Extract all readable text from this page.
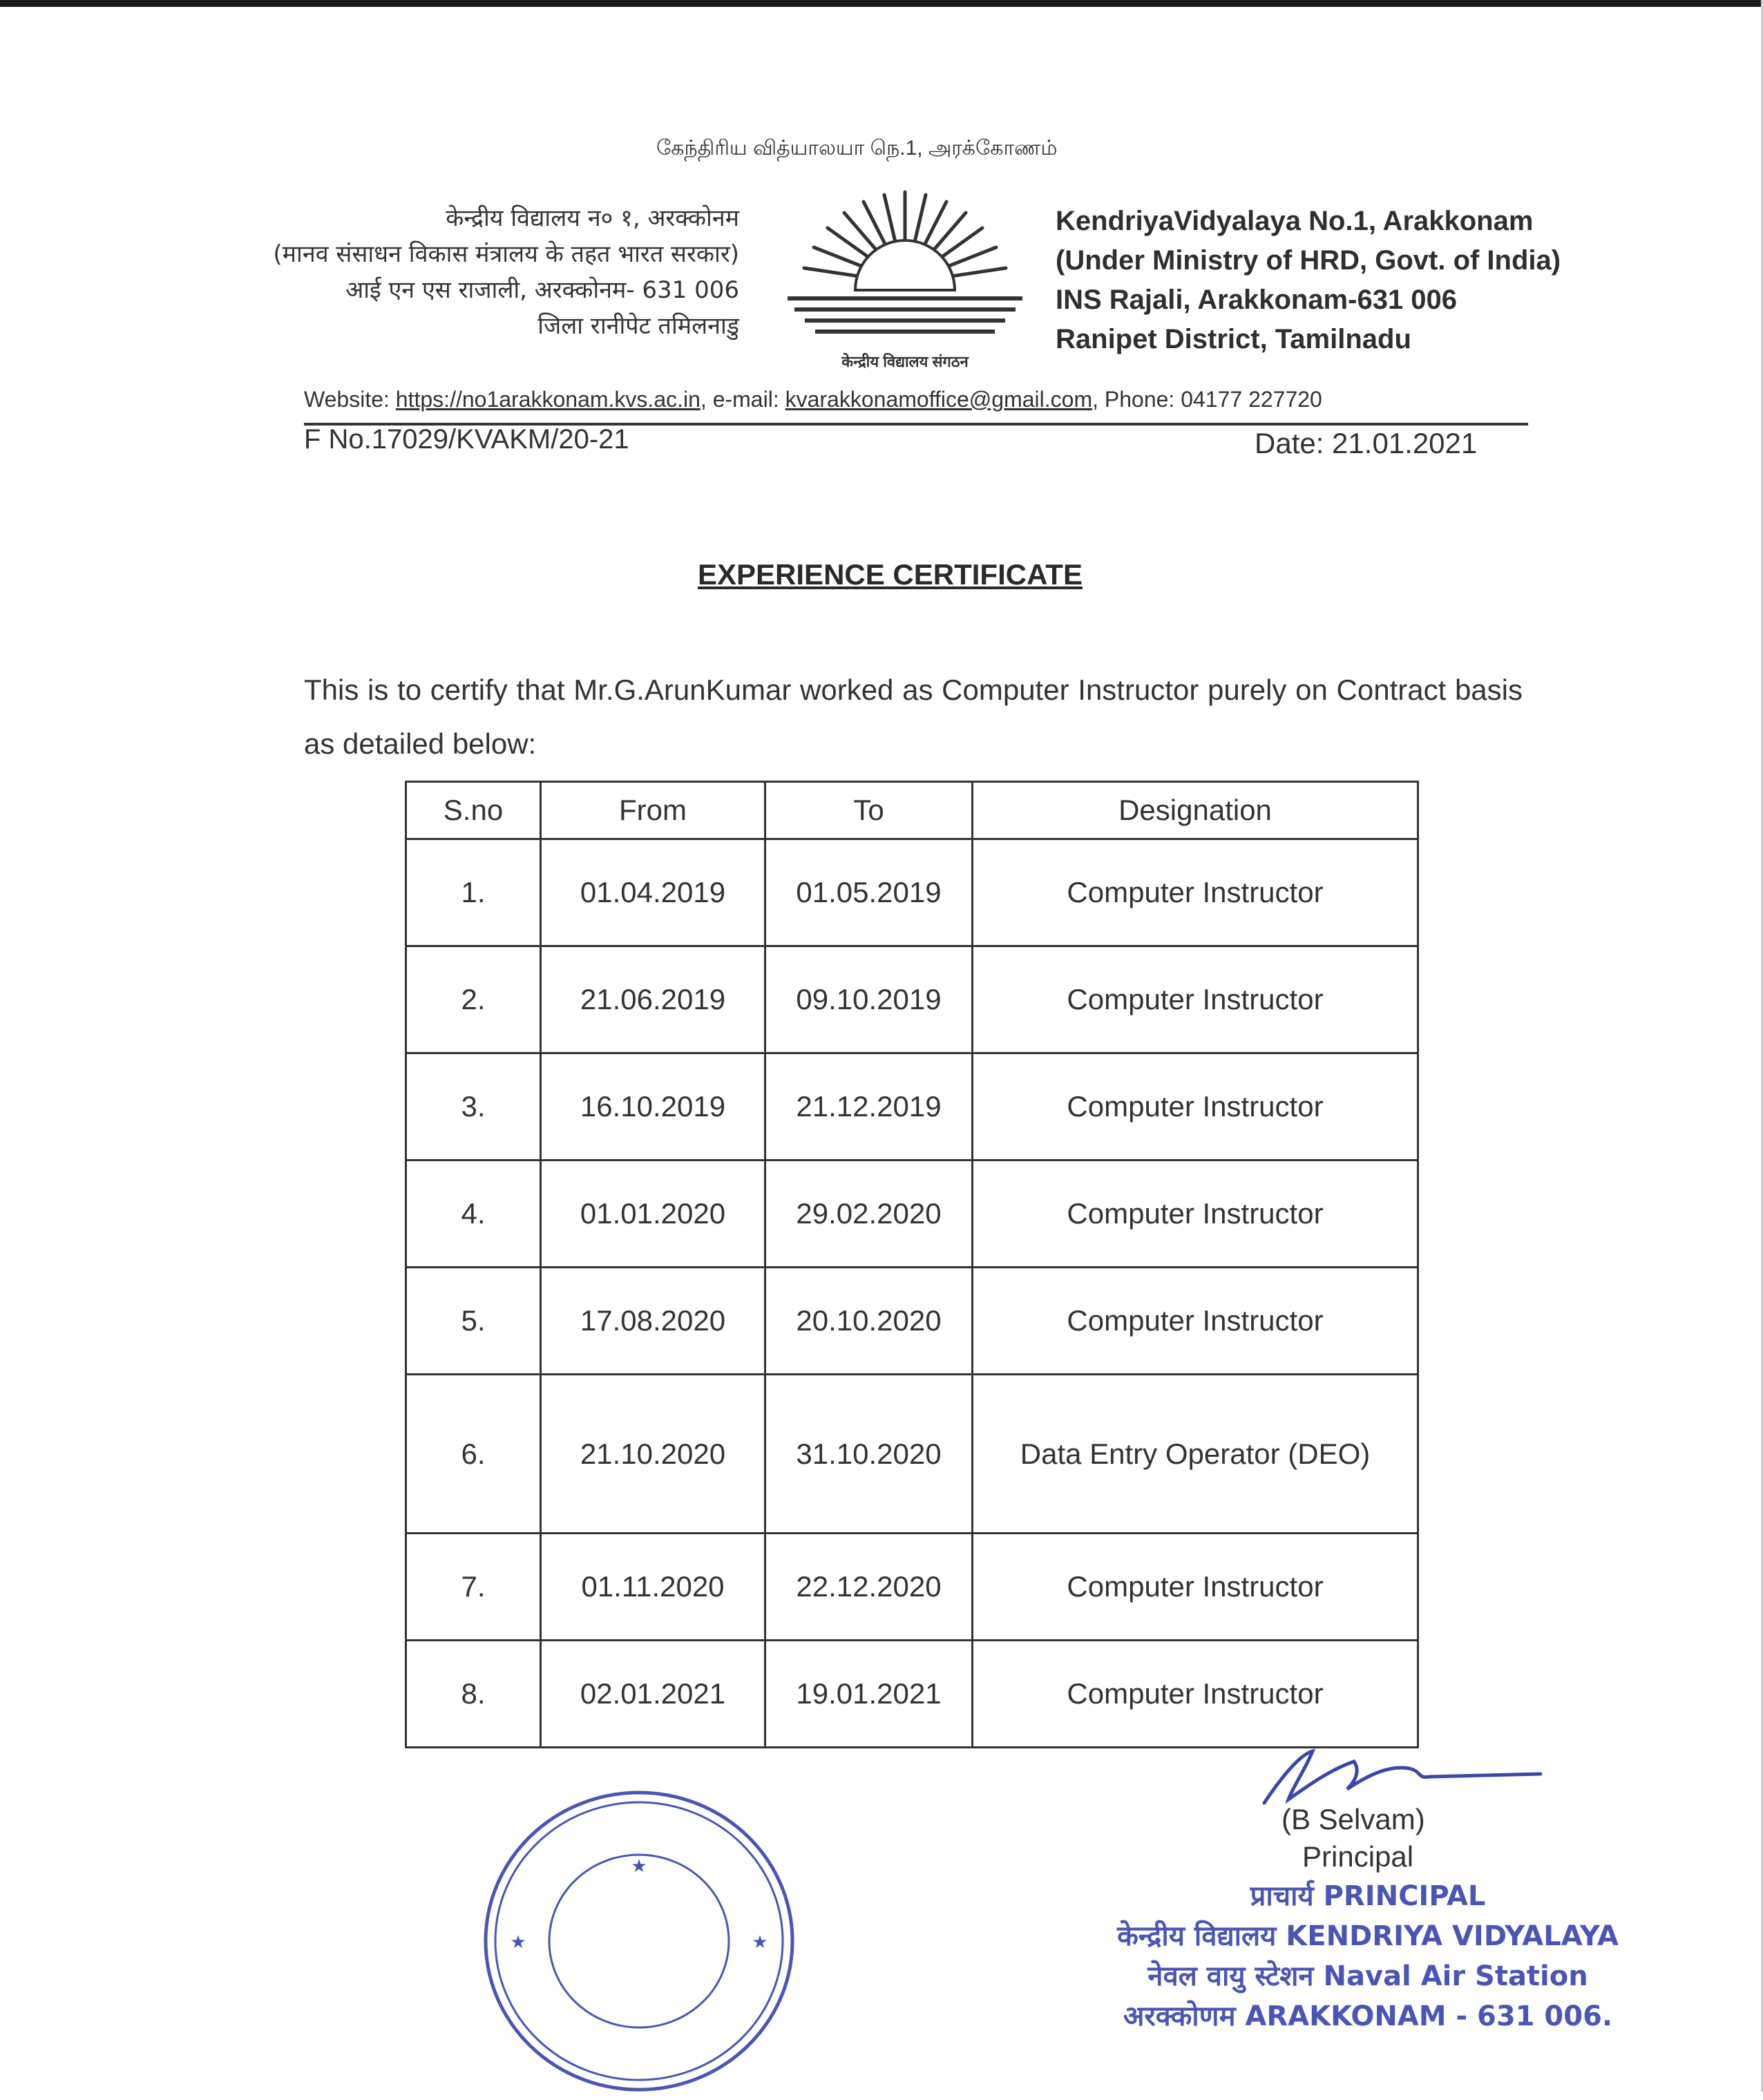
கேந்திரிய வித்யாலயா நெ.1, அரக்கோணம்
केन्द्रीय विद्यालय न० १, अरक्कोनम
(मानव संसाधन विकास मंत्रालय के तहत भारत सरकार)
आई एन एस राजाली, अरक्कोनम- 631 006
जिला रानीपेट तमिलनाडु
केन्द्रीय विद्यालय संगठन
KendriyaVidyalaya No.1, Arakkonam
(Under Ministry of HRD, Govt. of India)
INS Rajali, Arakkonam-631 006
Ranipet District, Tamilnadu
Website: https://no1arakkonam.kvs.ac.in, e-mail: kvarakkonamoffice@gmail.com, Phone: 04177 227720
F No.17029/KVAKM/20-21	Date: 21.01.2021
EXPERIENCE CERTIFICATE
This is to certify that Mr.G.ArunKumar worked as Computer Instructor purely on Contract basis as detailed below:
S.no	From	To	Designation
1.	01.04.2019	01.05.2019	Computer Instructor
2.	21.06.2019	09.10.2019	Computer Instructor
3.	16.10.2019	21.12.2019	Computer Instructor
4.	01.01.2020	29.02.2020	Computer Instructor
5.	17.08.2020	20.10.2020	Computer Instructor
6.	21.10.2020	31.10.2020	Data Entry Operator (DEO)
7.	01.11.2020	22.12.2020	Computer Instructor
8.	02.01.2021	19.01.2021	Computer Instructor
(B Selvam)
Principal
प्राचार्य PRINCIPAL
केन्द्रीय विद्यालय KENDRIYA VIDYALAYA
नेवल वायु स्टेशन Naval Air Station
अरक्कोणम ARAKKONAM - 631 006.
★
★	★
